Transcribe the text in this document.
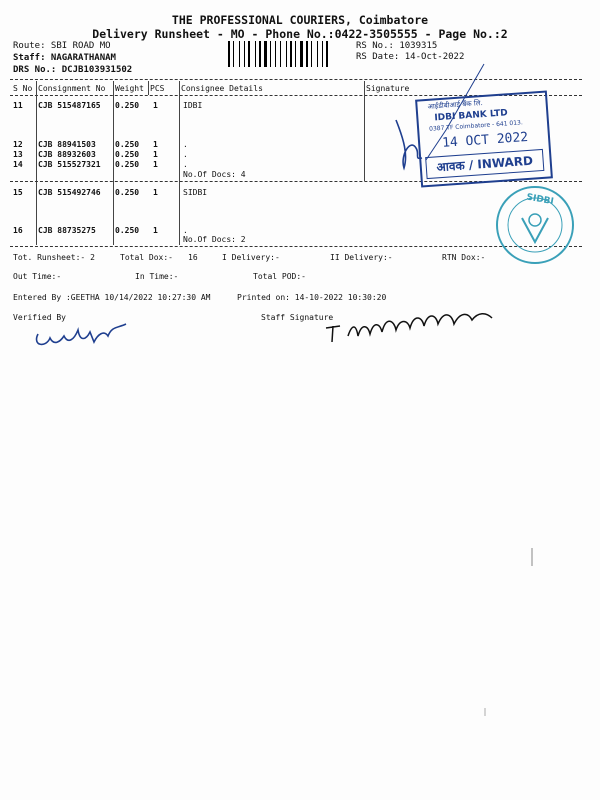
THE PROFESSIONAL COURIERS, Coimbatore
Delivery Runsheet - MO - Phone No.:0422-3505555 - Page No.:2
Route: SBI ROAD MO
Staff: NAGARATHANAM
DRS No.: DCJB103931502
RS No.: 1039315
RS Date: 14-Oct-2022
S No Consignment No Weight PCS Consignee Details	Signature
11 CJB 515487165 0.250 1	IDBI
12 CJB 88941503 0.250 1	.
13 CJB 88932603 0.250 1	.
14 CJB 515527321 0.250 1	.
No.Of Docs: 4
15 CJB 515492746 0.250 1	SIDBI
16 CJB 88735275 0.250 1	.
No.Of Docs: 2
Tot. Runsheet:- 2	Total Dox:- 16	I Delivery:-	II Delivery:-	RTN Dox:-
Out Time:-	In Time:-	Total POD:-
Entered By :GEETHA 10/14/2022 10:27:30 AM	Printed on: 14-10-2022 10:30:20
Verified By	Staff Signature
आईडीबीआई बैंक लि.
IDBI BANK LTD
0387 TF Coimbatore - 641 013.
14 OCT 2022
आवक / INWARD
SIDBI
